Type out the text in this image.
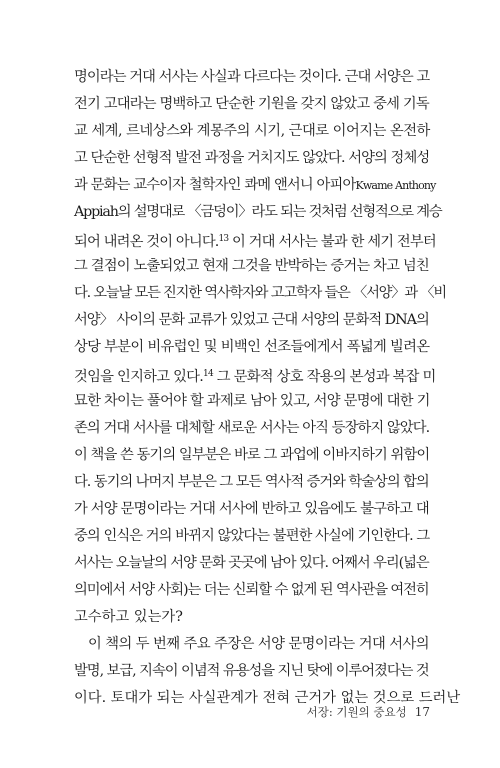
명이라는 거대 서사는 사실과 다르다는 것이다. 근대 서양은 고
전기 고대라는 명백하고 단순한 기원을 갖지 않았고 중세 기독
교 세계, 르네상스와 계몽주의 시기, 근대로 이어지는 온전하
고 단순한 선형적 발전 과정을 거치지도 않았다. 서양의 정체성
과 문화는 교수이자 철학자인 콰메 앤서니 아피아Kwame Anthony
Appiah의 설명대로 〈금덩이〉라도 되는 것처럼 선형적으로 계승
되어 내려온 것이 아니다.$^{13}$ 이 거대 서사는 불과 한 세기 전부터
그 결점이 노출되었고 현재 그것을 반박하는 증거는 차고 넘친
다. 오늘날 모든 진지한 역사학자와 고고학자 들은 〈서양〉과 〈비
서양〉 사이의 문화 교류가 있었고 근대 서양의 문화적 DNA의
상당 부분이 비유럽인 및 비백인 선조들에게서 폭넓게 빌려온
것임을 인지하고 있다.$^{14}$ 그 문화적 상호 작용의 본성과 복잡 미
묘한 차이는 풀어야 할 과제로 남아 있고, 서양 문명에 대한 기
존의 거대 서사를 대체할 새로운 서사는 아직 등장하지 않았다.
이 책을 쓴 동기의 일부분은 바로 그 과업에 이바지하기 위함이
다. 동기의 나머지 부분은 그 모든 역사적 증거와 학술상의 합의
가 서양 문명이라는 거대 서사에 반하고 있음에도 불구하고 대
중의 인식은 거의 바뀌지 않았다는 불편한 사실에 기인한다. 그
서사는 오늘날의 서양 문화 곳곳에 남아 있다. 어째서 우리(넓은
의미에서 서양 사회)는 더는 신뢰할 수 없게 된 역사관을 여전히
고수하고 있는가?
이 책의 두 번째 주요 주장은 서양 문명이라는 거대 서사의
발명, 보급, 지속이 이념적 유용성을 지닌 탓에 이루어졌다는 것
이다. 토대가 되는 사실관계가 전혀 근거가 없는 것으로 드러난
서장: 기원의 중요성 17
